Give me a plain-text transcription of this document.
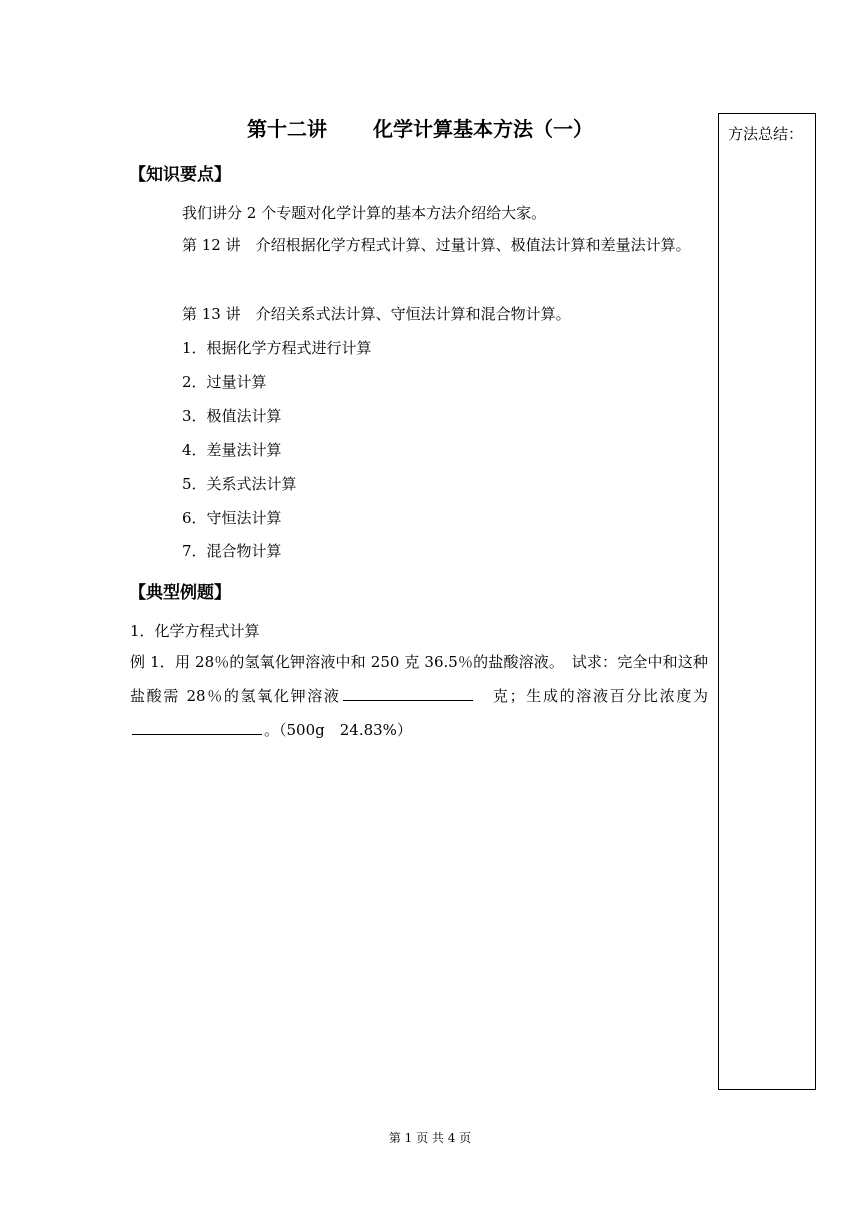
第十二讲 化学计算基本方法（一）
【知识要点】
我们讲分 2 个专题对化学计算的基本方法介绍给大家。
第 12 讲　介绍根据化学方程式计算、过量计算、极值法计算和差量法计算。
第 13 讲　介绍关系式法计算、守恒法计算和混合物计算。
1．根据化学方程式进行计算
2．过量计算
3．极值法计算
4．差量法计算
5．关系式法计算
6．守恒法计算
7．混合物计算
【典型例题】
1．化学方程式计算
例 1．用 28％的氢氧化钾溶液中和 250 克 36.5％的盐酸溶液。　试求：完全中和这种盐酸需 28％的氢氧化钾溶液	　克；生成的溶液百分比浓度为。（500g　24.83%）
方法总结：
第 1 页 共 4 页
